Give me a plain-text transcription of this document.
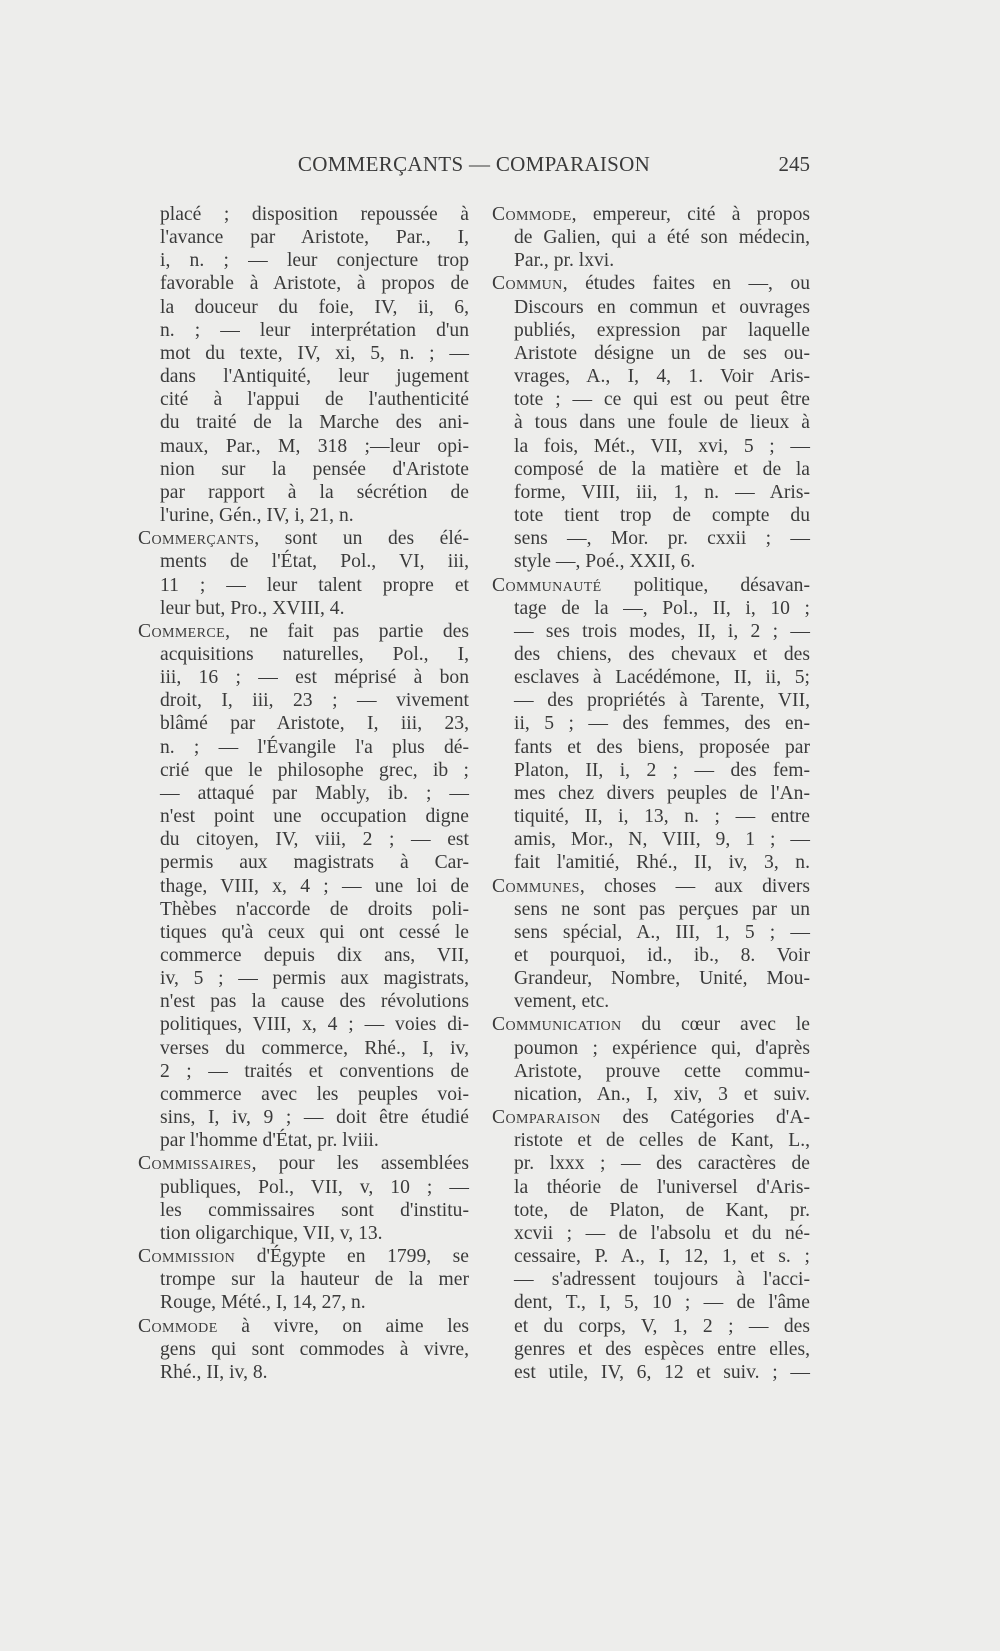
COMMERÇANTS — COMPARAISON	245
placé ; disposition repoussée à
l'avance par Aristote, Par., I,
i, n. ; — leur conjecture trop
favorable à Aristote, à propos de
la douceur du foie, IV, ii, 6,
n. ; — leur interprétation d'un
mot du texte, IV, xi, 5, n. ; —
dans l'Antiquité, leur jugement
cité à l'appui de l'authenticité
du traité de la Marche des ani-
maux, Par., M, 318 ;—leur opi-
nion sur la pensée d'Aristote
par rapport à la sécrétion de
l'urine, Gén., IV, i, 21, n.
Commerçants, sont un des élé-
ments de l'État, Pol., VI, iii,
11 ; — leur talent propre et
leur but, Pro., XVIII, 4.
Commerce, ne fait pas partie des
acquisitions naturelles, Pol., I,
iii, 16 ; — est méprisé à bon
droit, I, iii, 23 ; — vivement
blâmé par Aristote, I, iii, 23,
n. ; — l'Évangile l'a plus dé-
crié que le philosophe grec, ib ;
— attaqué par Mably, ib. ; —
n'est point une occupation digne
du citoyen, IV, viii, 2 ; — est
permis aux magistrats à Car-
thage, VIII, x, 4 ; — une loi de
Thèbes n'accorde de droits poli-
tiques qu'à ceux qui ont cessé le
commerce depuis dix ans, VII,
iv, 5 ; — permis aux magistrats,
n'est pas la cause des révolutions
politiques, VIII, x, 4 ; — voies di-
verses du commerce, Rhé., I, iv,
2 ; — traités et conventions de
commerce avec les peuples voi-
sins, I, iv, 9 ; — doit être étudié
par l'homme d'État, pr. lviii.
Commissaires, pour les assemblées
publiques, Pol., VII, v, 10 ; —
les commissaires sont d'institu-
tion oligarchique, VII, v, 13.
Commission d'Égypte en 1799, se
trompe sur la hauteur de la mer
Rouge, Mété., I, 14, 27, n.
Commode à vivre, on aime les
gens qui sont commodes à vivre,
Rhé., II, iv, 8.
Commode, empereur, cité à propos
de Galien, qui a été son médecin,
Par., pr. lxvi.
Commun, études faites en —, ou
Discours en commun et ouvrages
publiés, expression par laquelle
Aristote désigne un de ses ou-
vrages, A., I, 4, 1. Voir Aris-
tote ; — ce qui est ou peut être
à tous dans une foule de lieux à
la fois, Mét., VII, xvi, 5 ; —
composé de la matière et de la
forme, VIII, iii, 1, n. — Aris-
tote tient trop de compte du
sens —, Mor. pr. cxxii ; —
style —, Poé., XXII, 6.
Communauté politique, désavan-
tage de la —, Pol., II, i, 10 ;
— ses trois modes, II, i, 2 ; —
des chiens, des chevaux et des
esclaves à Lacédémone, II, ii, 5;
— des propriétés à Tarente, VII,
ii, 5 ; — des femmes, des en-
fants et des biens, proposée par
Platon, II, i, 2 ; — des fem-
mes chez divers peuples de l'An-
tiquité, II, i, 13, n. ; — entre
amis, Mor., N, VIII, 9, 1 ; —
fait l'amitié, Rhé., II, iv, 3, n.
Communes, choses — aux divers
sens ne sont pas perçues par un
sens spécial, A., III, 1, 5 ; —
et pourquoi, id., ib., 8. Voir
Grandeur, Nombre, Unité, Mou-
vement, etc.
Communication du cœur avec le
poumon ; expérience qui, d'après
Aristote, prouve cette commu-
nication, An., I, xiv, 3 et suiv.
Comparaison des Catégories d'A-
ristote et de celles de Kant, L.,
pr. lxxx ; — des caractères de
la théorie de l'universel d'Aris-
tote, de Platon, de Kant, pr.
xcvii ; — de l'absolu et du né-
cessaire, P. A., I, 12, 1, et s. ;
— s'adressent toujours à l'acci-
dent, T., I, 5, 10 ; — de l'âme
et du corps, V, 1, 2 ; — des
genres et des espèces entre elles,
est utile, IV, 6, 12 et suiv. ; —
